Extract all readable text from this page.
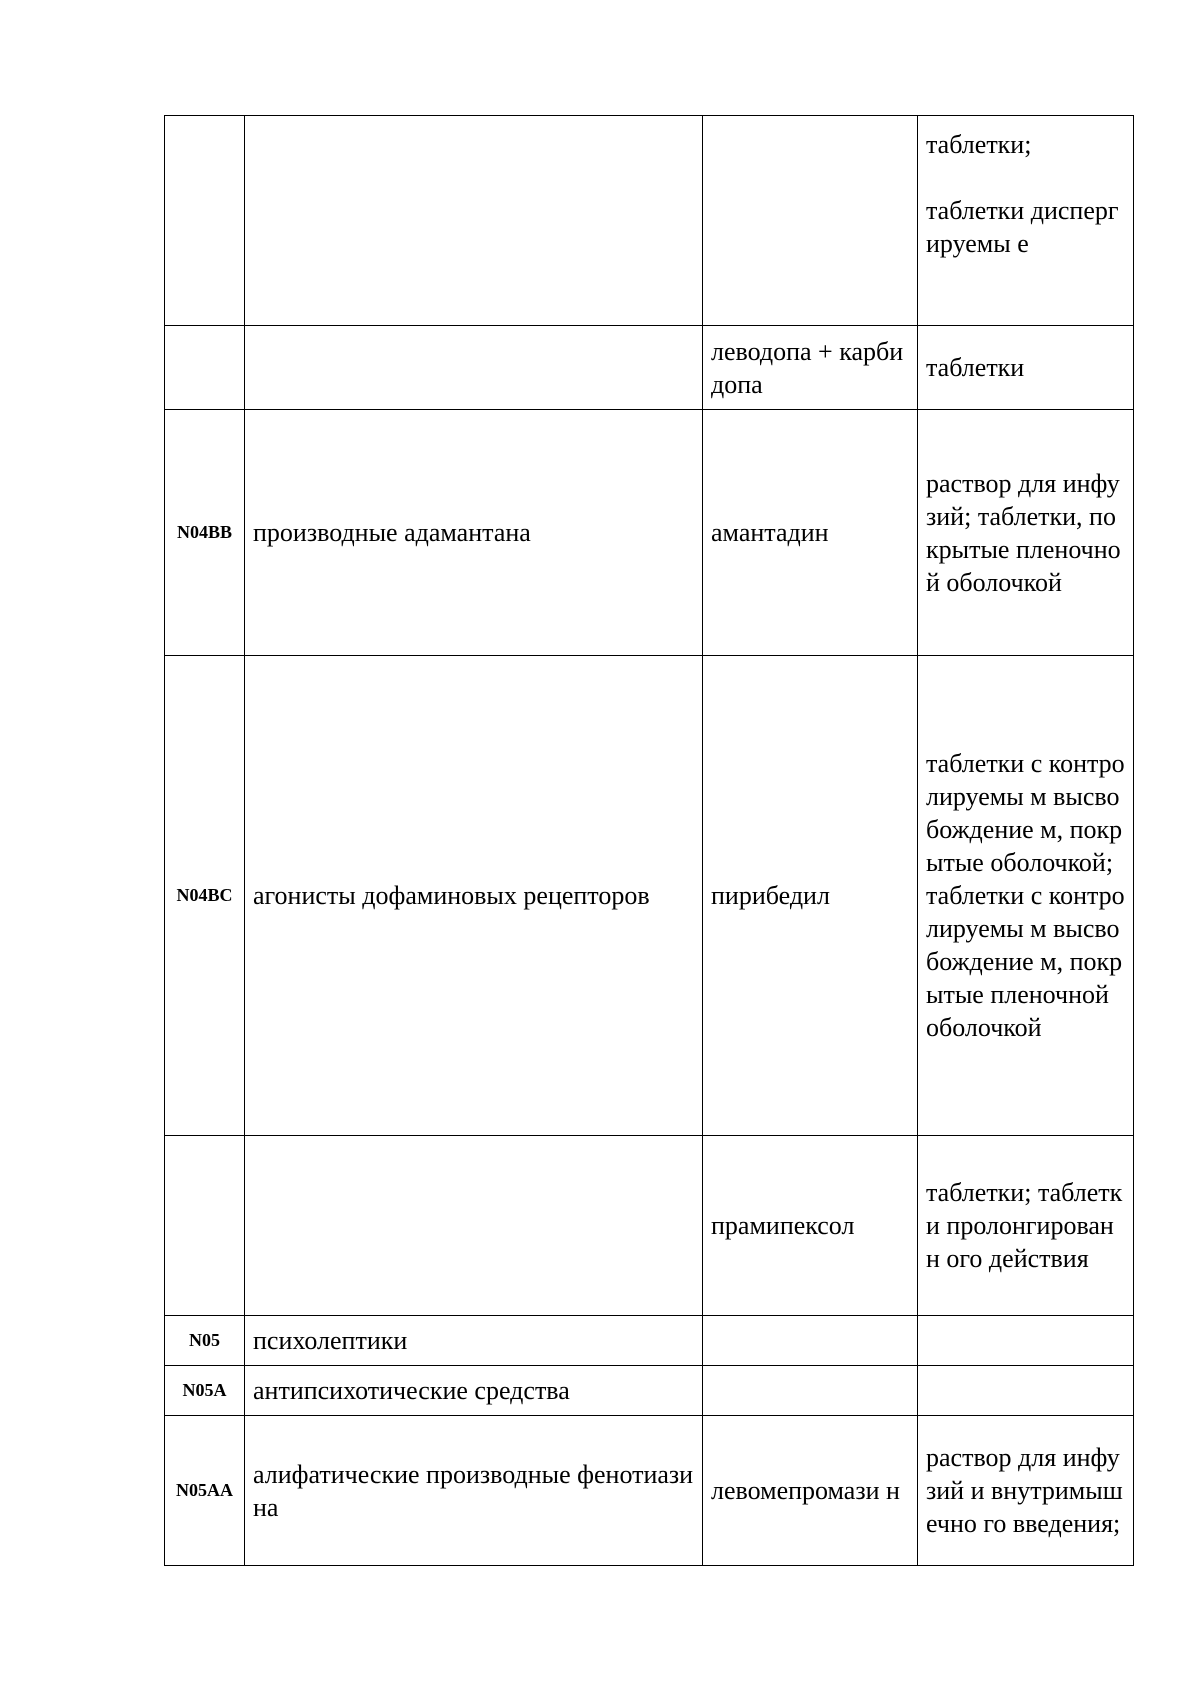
			таблетки;

таблетки диспергируемы е

		леводопа + карбидопа	таблетки
N04BB	производные адамантана	амантадин	раствор для инфузий; таблетки, покрытые пленочной оболочкой
N04BC	агонисты дофаминовых рецепторов	пирибедил	таблетки с контролируемы м высвобождение м, покрытые оболочкой; таблетки с контролируемы м высвобождение м, покрытые пленочной оболочкой
		прамипексол	таблетки; таблетки пролонгированн ого действия
N05	психолептики		
N05A	антипсихотические средства		
N05AA	алифатические производные фенотиазина	левомепромази н	раствор для инфузий и внутримышечно го введения;
